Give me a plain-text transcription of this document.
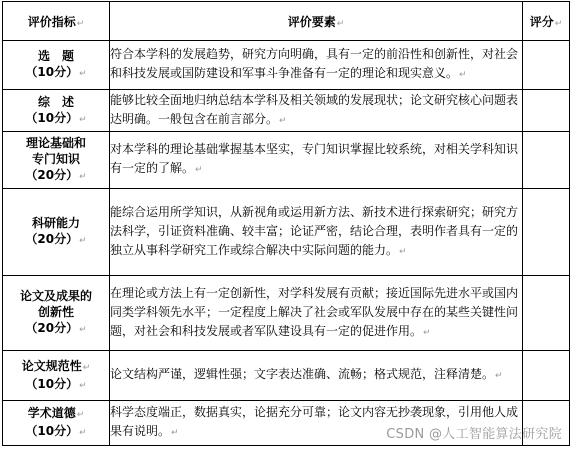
评价指标↵	评价要素↵	评分↵

选　题
（10分）↵	符合本学科的发展趋势，研究方向明确，具有一定的前沿性和创新性，对社会和科技发展或国防建设和军事斗争准备有一定的理论和现实意义。↵	

综　述
（10分）↵	能够比较全面地归纳总结本学科及相关领域的发展现状；论文研究核心问题表达明确。一般包含在前言部分。↵	

理论基础和
专门知识
（20分）↵	对本学科的理论基础掌握基本坚实，专门知识掌握比较系统，对相关学科知识有一定的了解。↵	

科研能力
（20分）↵	能综合运用所学知识，从新视角或运用新方法、新技术进行探索研究；研究方法科学，引证资料准确、较丰富；论证严密，结论合理，表明作者具有一定的独立从事科学研究工作或综合解决中实际问题的能力。↵	

论文及成果的
创新性
（20分）↵	在理论或方法上有一定创新性，对学科发展有贡献；接近国际先进水平或国内同类学科领先水平；一定程度上解决了社会或军队发展中存在的某些关键性问题，对社会和科技发展或者军队建设具有一定的促进作用。↵	

论文规范性↵
（10分）↵	论文结构严谨，逻辑性强；文字表达准确、流畅；格式规范，注释清楚。↵	

学术道德↵
（10分）↵	科学态度端正，数据真实，论据充分可靠；论文内容无抄袭现象，引用他人成果有说明。↵		CSDN @人工智能算法研究院
